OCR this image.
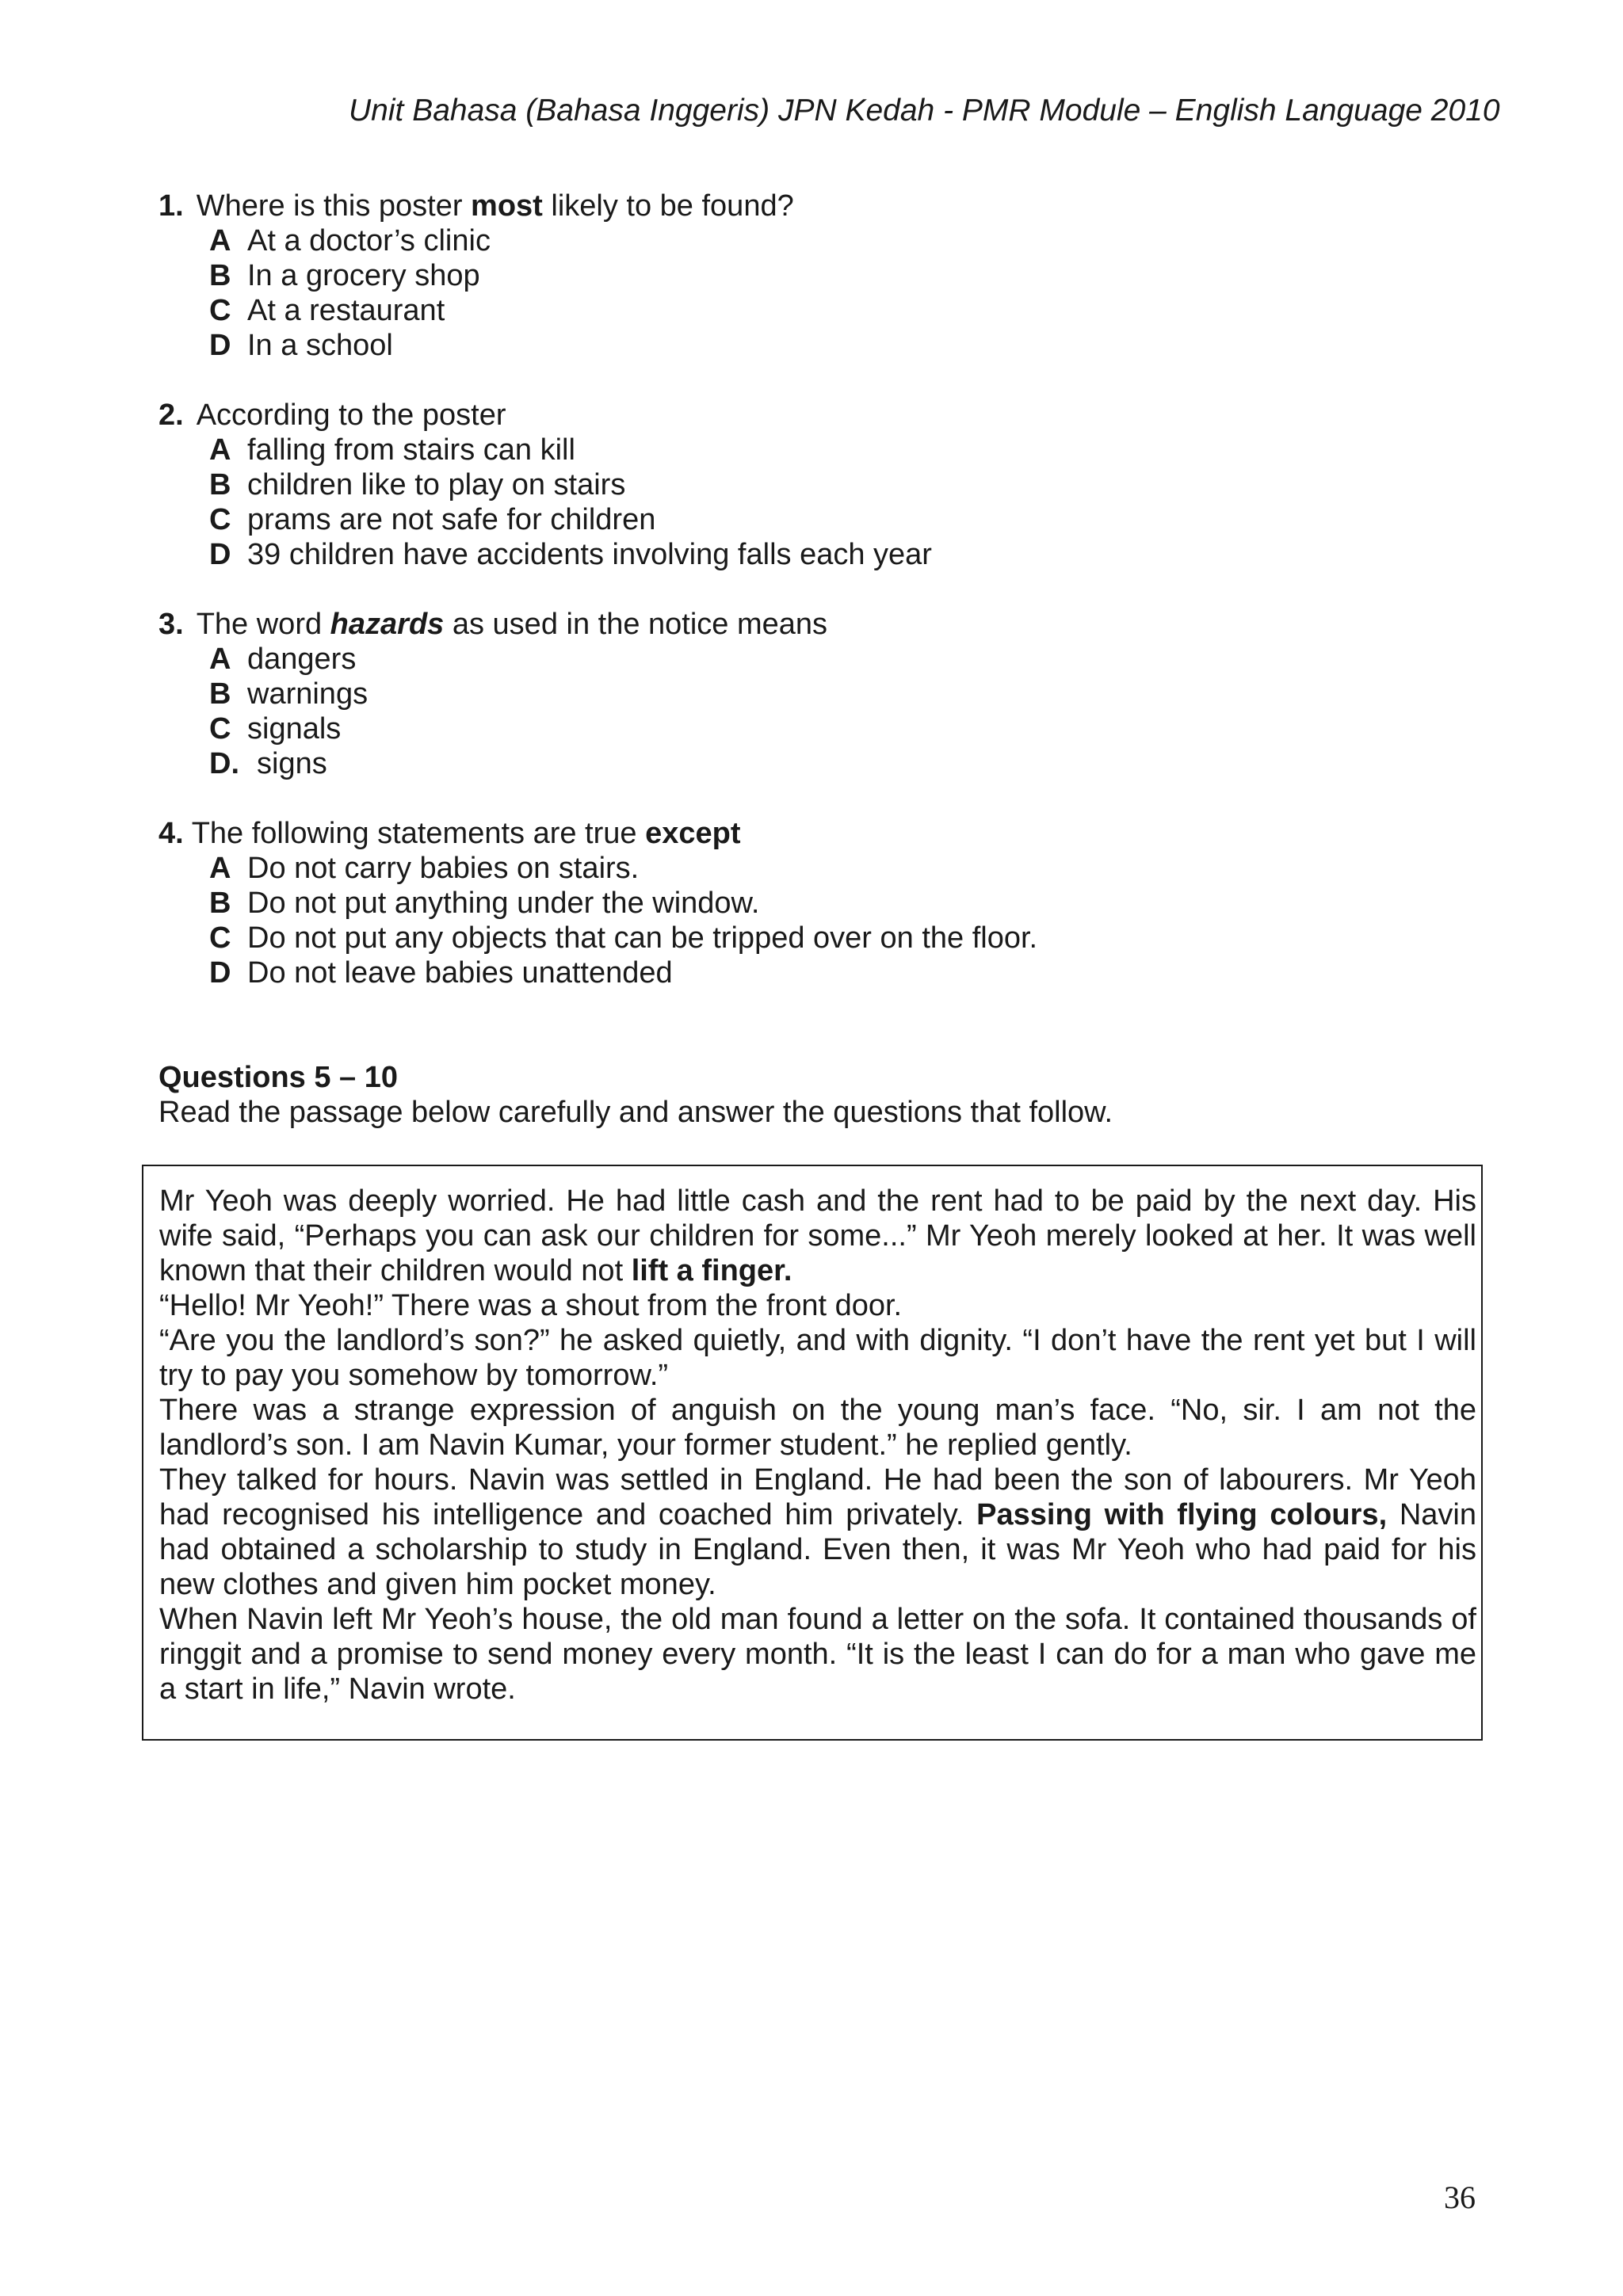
Unit Bahasa (Bahasa Inggeris) JPN Kedah - PMR Module – English Language 2010
1. Where is this poster most likely to be found?
A At a doctor’s clinic
B In a grocery shop
C At a restaurant
D In a school
2. According to the poster
A falling from stairs can kill
B children like to play on stairs
C prams are not safe for children
D 39 children have accidents involving falls each year
3. The word hazards as used in the notice means
A dangers
B warnings
C signals
D. signs
4. The following statements are true except
A Do not carry babies on stairs.
B Do not put anything under the window.
C Do not put any objects that can be tripped over on the floor.
D Do not leave babies unattended
Questions 5 – 10
Read the passage below carefully and answer the questions that follow.

Mr Yeoh was deeply worried. He had little cash and the rent had to be paid by the next day. His wife said, “Perhaps you can ask our children for some...” Mr Yeoh merely looked at her. It was well known that their children would not lift a finger.

“Hello! Mr Yeoh!” There was a shout from the front door.

“Are you the landlord’s son?” he asked quietly, and with dignity. “I don’t have the rent yet but I will try to pay you somehow by tomorrow.”

There was a strange expression of anguish on the young man’s face. “No, sir. I am not the landlord’s son. I am Navin Kumar, your former student.” he replied gently.

They talked for hours. Navin was settled in England. He had been the son of labourers. Mr Yeoh had recognised his intelligence and coached him privately. Passing with flying colours, Navin had obtained a scholarship to study in England. Even then, it was Mr Yeoh who had paid for his new clothes and given him pocket money.

When Navin left Mr Yeoh’s house, the old man found a letter on the sofa. It contained thousands of ringgit and a promise to send money every month. “It is the least I can do for a man who gave me a start in life,” Navin wrote.

36
